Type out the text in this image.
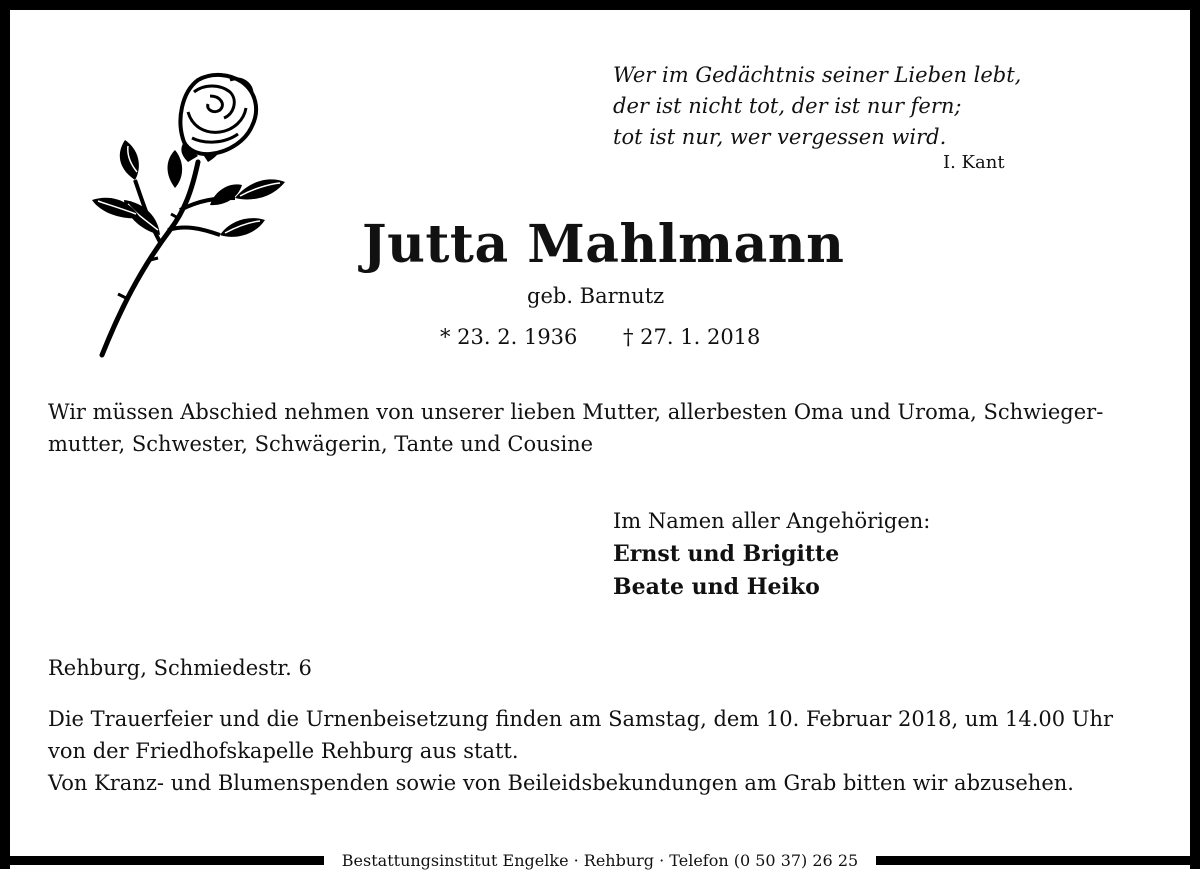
Wer im Gedächtnis seiner Lieben lebt,
der ist nicht tot, der ist nur fern;
tot ist nur, wer vergessen wird.
I. Kant
Jutta Mahlmann
geb. Barnutz
* 23. 2. 1936 † 27. 1. 2018
Wir müssen Abschied nehmen von unserer lieben Mutter, allerbesten Oma und Uroma, Schwieger-
mutter, Schwester, Schwägerin, Tante und Cousine
Im Namen aller Angehörigen:
Ernst und Brigitte
Beate und Heiko
Rehburg, Schmiedestr. 6
Die Trauerfeier und die Urnenbeisetzung finden am Samstag, dem 10. Februar 2018, um 14.00 Uhr
von der Friedhofskapelle Rehburg aus statt.
Von Kranz- und Blumenspenden sowie von Beileidsbekundungen am Grab bitten wir abzusehen.
Bestattungsinstitut Engelke · Rehburg · Telefon (0 50 37) 26 25
